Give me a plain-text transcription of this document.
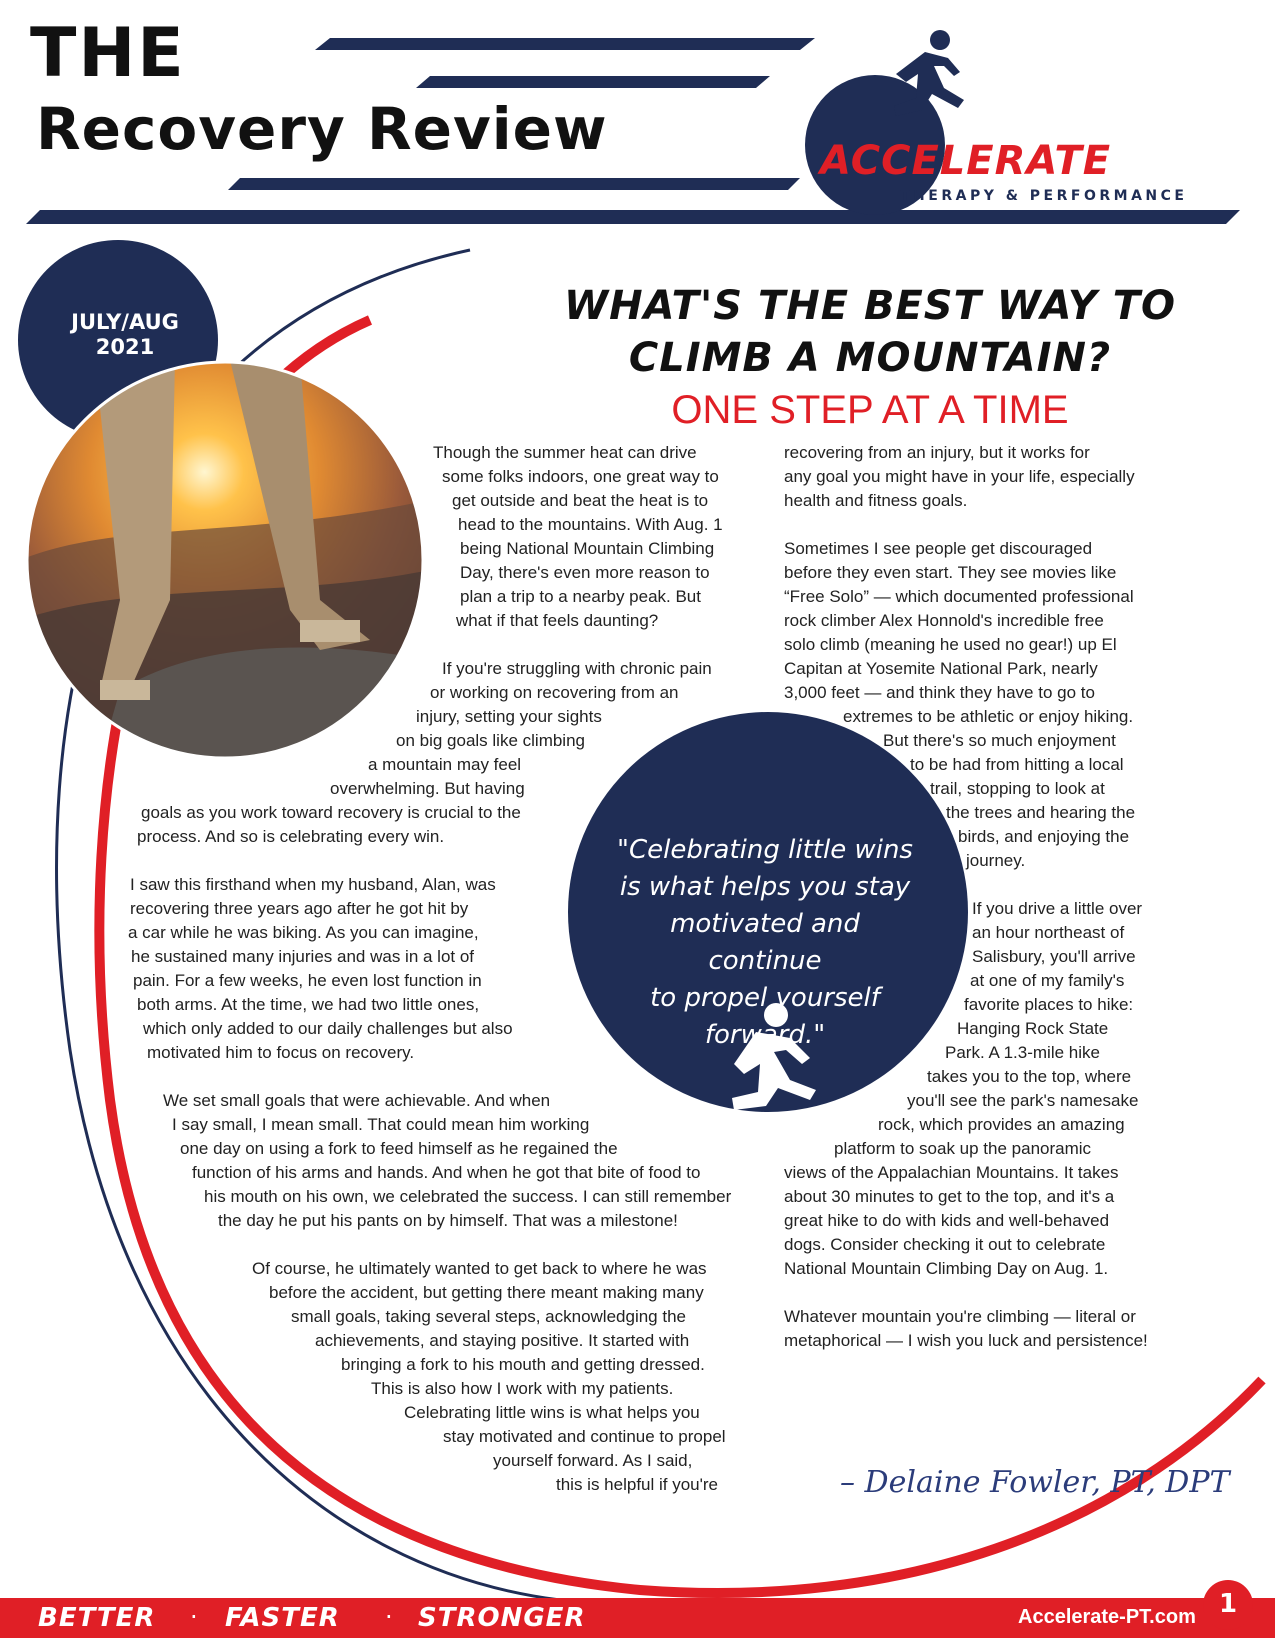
THE
Recovery Review	ACCELERATE
THERAPY & PERFORMANCE
JULY/AUG
2021
WHAT'S THE BEST WAY TO
CLIMB A MOUNTAIN?
ONE STEP AT A TIME
Though the summer heat can drive
some folks indoors, one great way to
get outside and beat the heat is to
head to the mountains. With Aug. 1
being National Mountain Climbing
Day, there's even more reason to
plan a trip to a nearby peak. But
what if that feels daunting?
If you're struggling with chronic pain
or working on recovering from an
injury, setting your sights
on big goals like climbing
a mountain may feel
overwhelming. But having
goals as you work toward recovery is crucial to the
process. And so is celebrating every win.
I saw this firsthand when my husband, Alan, was
recovering three years ago after he got hit by
a car while he was biking. As you can imagine,
he sustained many injuries and was in a lot of
pain. For a few weeks, he even lost function in
both arms. At the time, we had two little ones,
which only added to our daily challenges but also
motivated him to focus on recovery.
We set small goals that were achievable. And when
I say small, I mean small. That could mean him working
one day on using a fork to feed himself as he regained the
function of his arms and hands. And when he got that bite of food to
his mouth on his own, we celebrated the success. I can still remember
the day he put his pants on by himself. That was a milestone!
Of course, he ultimately wanted to get back to where he was
before the accident, but getting there meant making many
small goals, taking several steps, acknowledging the
achievements, and staying positive. It started with
bringing a fork to his mouth and getting dressed.
This is also how I work with my patients.
Celebrating little wins is what helps you
stay motivated and continue to propel
yourself forward. As I said,
this is helpful if you're
recovering from an injury, but it works for
any goal you might have in your life, especially
health and fitness goals.
Sometimes I see people get discouraged
before they even start. They see movies like
“Free Solo” — which documented professional
rock climber Alex Honnold's incredible free
solo climb (meaning he used no gear!) up El
Capitan at Yosemite National Park, nearly
3,000 feet — and think they have to go to
extremes to be athletic or enjoy hiking.
But there's so much enjoyment
to be had from hitting a local
trail, stopping to look at
the trees and hearing the
birds, and enjoying the
journey.
If you drive a little over
an hour northeast of
Salisbury, you'll arrive
at one of my family's
favorite places to hike:
Hanging Rock State
Park. A 1.3-mile hike
takes you to the top, where
you'll see the park's namesake
rock, which provides an amazing
platform to soak up the panoramic
views of the Appalachian Mountains. It takes
about 30 minutes to get to the top, and it's a
great hike to do with kids and well-behaved
dogs. Consider checking it out to celebrate
National Mountain Climbing Day on Aug. 1.
Whatever mountain you're climbing — literal or
metaphorical — I wish you luck and persistence!
"Celebrating little wins
is what helps you stay
motivated and continue
to propel yourself
forward."
– Delaine Fowler, PT, DPT
BETTER · FASTER · STRONGER	Accelerate-PT.com 1
